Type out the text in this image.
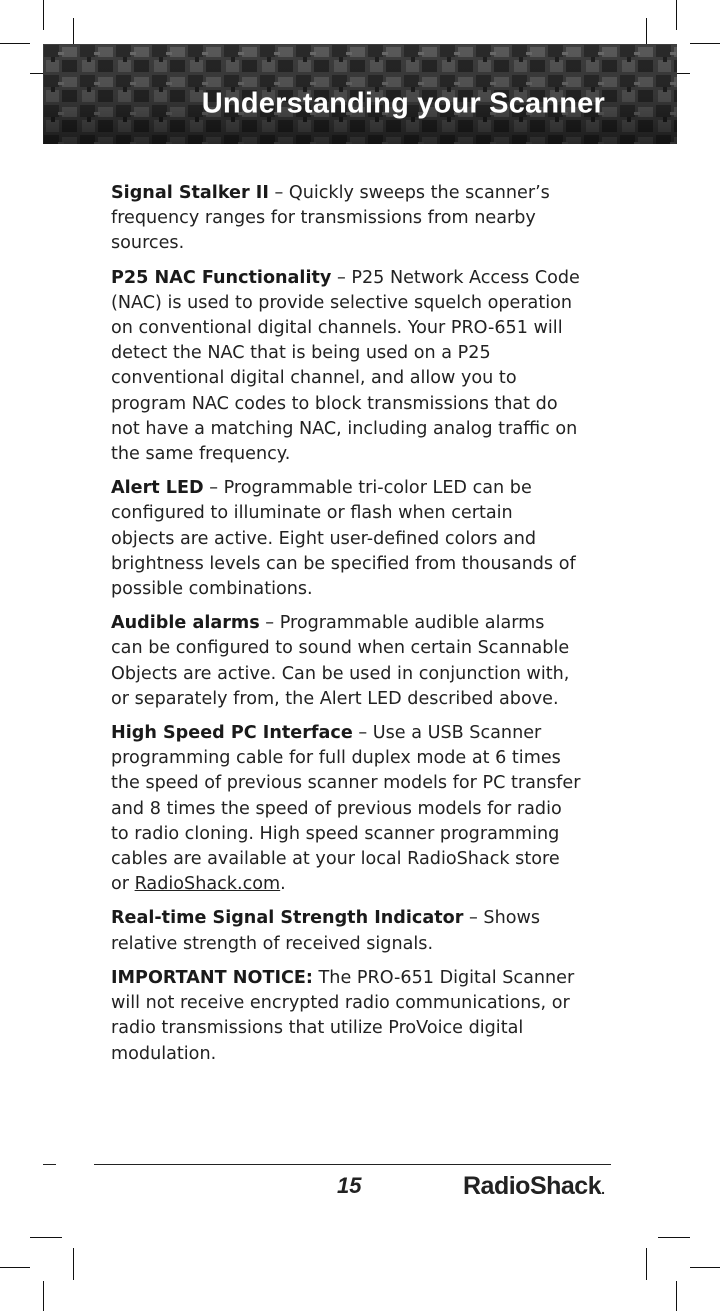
Understanding your Scanner

Signal Stalker II – Quickly sweeps the scanner’s frequency ranges for transmissions from nearby sources.

P25 NAC Functionality – P25 Network Access Code (NAC) is used to provide selective squelch operation on conventional digital channels. Your PRO-651 will detect the NAC that is being used on a P25 conventional digital channel, and allow you to program NAC codes to block transmissions that do not have a matching NAC, including analog traffic on the same frequency.

Alert LED – Programmable tri-color LED can be configured to illuminate or flash when certain objects are active. Eight user-defined colors and brightness levels can be specified from thousands of possible combinations.

Audible alarms – Programmable audible alarms can be configured to sound when certain Scannable Objects are active. Can be used in conjunction with, or separately from, the Alert LED described above.

High Speed PC Interface – Use a USB Scanner programming cable for full duplex mode at 6 times the speed of previous scanner models for PC transfer and 8 times the speed of previous models for radio to radio cloning. High speed scanner programming cables are available at your local RadioShack store or RadioShack.com.

Real-time Signal Strength Indicator – Shows relative strength of received signals.

IMPORTANT NOTICE: The PRO-651 Digital Scanner will not receive encrypted radio communications, or radio transmissions that utilize ProVoice digital modulation.

15	RadioShack.
